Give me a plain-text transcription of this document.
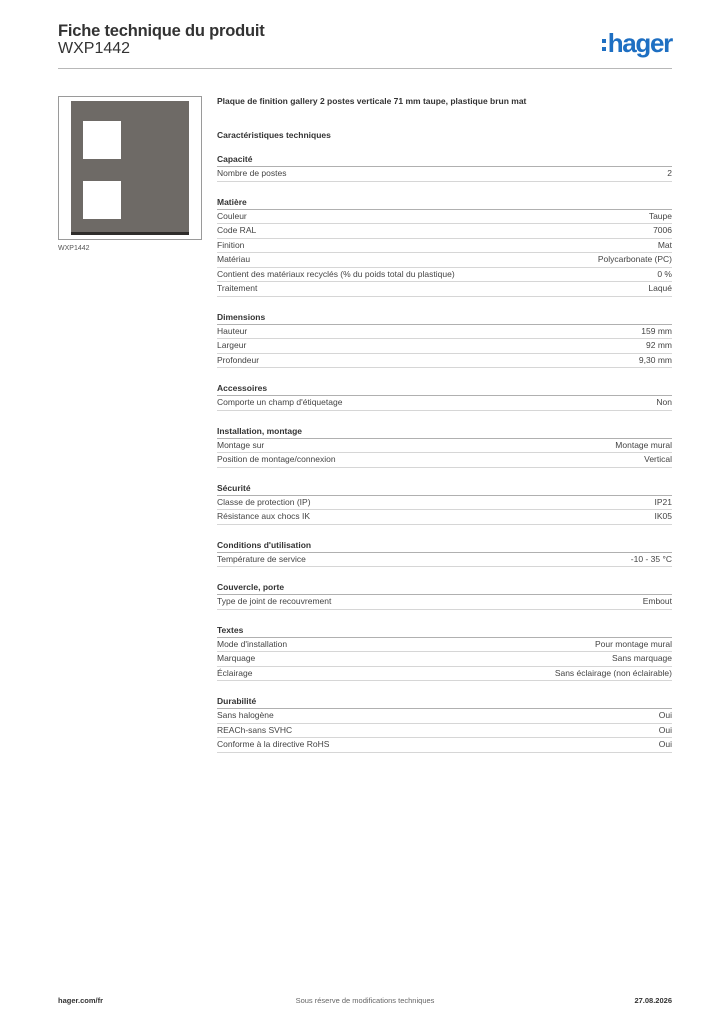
Fiche technique du produit
WXP1442	hager
WXP1442
Plaque de finition gallery 2 postes verticale 71 mm taupe, plastique brun mat
Caractéristiques techniques
Capacité
Nombre de postes	2
Matière
Couleur	Taupe
Code RAL	7006
Finition	Mat
Matériau	Polycarbonate (PC)
Contient des matériaux recyclés (% du poids total du plastique)	0 %
Traitement	Laqué
Dimensions
Hauteur	159 mm
Largeur	92 mm
Profondeur	9,30 mm
Accessoires
Comporte un champ d'étiquetage	Non
Installation, montage
Montage sur	Montage mural
Position de montage/connexion	Vertical
Sécurité
Classe de protection (IP)	IP21
Résistance aux chocs IK	IK05
Conditions d'utilisation
Température de service	-10 - 35 °C
Couvercle, porte
Type de joint de recouvrement	Embout
Textes
Mode d'installation	Pour montage mural
Marquage	Sans marquage
Éclairage	Sans éclairage (non éclairable)
Durabilité
Sans halogène	Oui
REACh-sans SVHC	Oui
Conforme à la directive RoHS	Oui
hager.com/fr	Sous réserve de modifications techniques	27.08.2026
